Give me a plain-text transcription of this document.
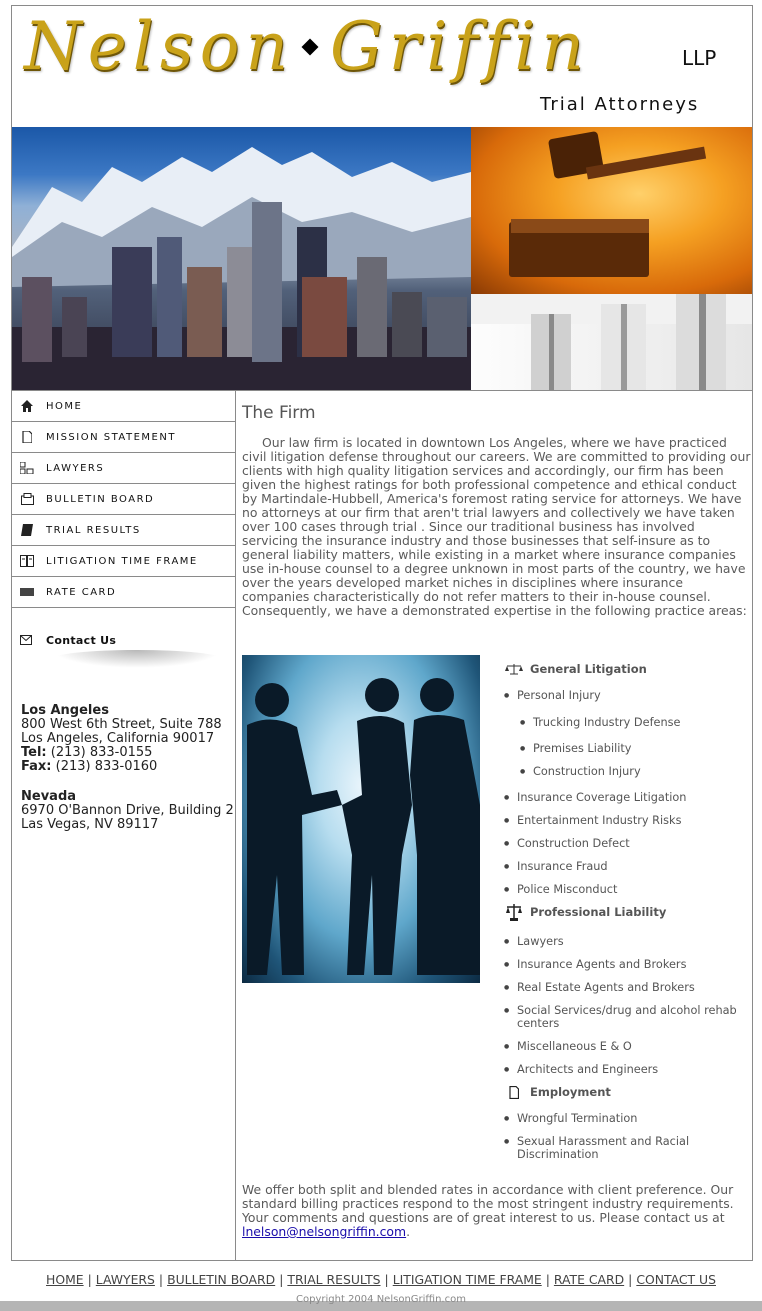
Nelson Griffin	LLP
Trial Attorneys
HOME
MISSION STATEMENT
LAWYERS
BULLETIN BOARD
TRIAL RESULTS
LITIGATION TIME FRAME
RATE CARD
Contact Us
Los Angeles
800 West 6th Street, Suite 788
Los Angeles, California 90017
Tel: (213) 833-0155
Fax: (213) 833-0160
Nevada
6970 O'Bannon Drive, Building 2
Las Vegas, NV 89117
The Firm
Our law firm is located in downtown Los Angeles, where we have practiced civil litigation defense throughout our careers. We are committed to providing our clients with high quality litigation services and accordingly, our firm has been given the highest ratings for both professional competence and ethical conduct by Martindale-Hubbell, America's foremost rating service for attorneys. We have no attorneys at our firm that aren't trial lawyers and collectively we have taken over 100 cases through trial . Since our traditional business has involved servicing the insurance industry and those businesses that self-insure as to general liability matters, while existing in a market where insurance companies use in-house counsel to a degree unknown in most parts of the country, we have over the years developed market niches in disciplines where insurance companies characteristically do not refer matters to their in-house counsel. Consequently, we have a demonstrated expertise in the following practice areas:
General Litigation
● Personal Injury
● Trucking Industry Defense
● Premises Liability
● Construction Injury
● Insurance Coverage Litigation
● Entertainment Industry Risks
● Construction Defect
● Insurance Fraud
● Police Misconduct
Professional Liability
● Lawyers
● Insurance Agents and Brokers
● Real Estate Agents and Brokers
● Social Services/drug and alcohol rehab centers
● Miscellaneous E & O
● Architects and Engineers
Employment
● Wrongful Termination
● Sexual Harassment and Racial Discrimination
We offer both split and blended rates in accordance with client preference. Our standard billing practices respond to the most stringent industry requirements. Your comments and questions are of great interest to us. Please contact us at lnelson@nelsongriffin.com.
HOME | LAWYERS | BULLETIN BOARD | TRIAL RESULTS | LITIGATION TIME FRAME | RATE CARD | CONTACT US
Copyright 2004 NelsonGriffin.com
